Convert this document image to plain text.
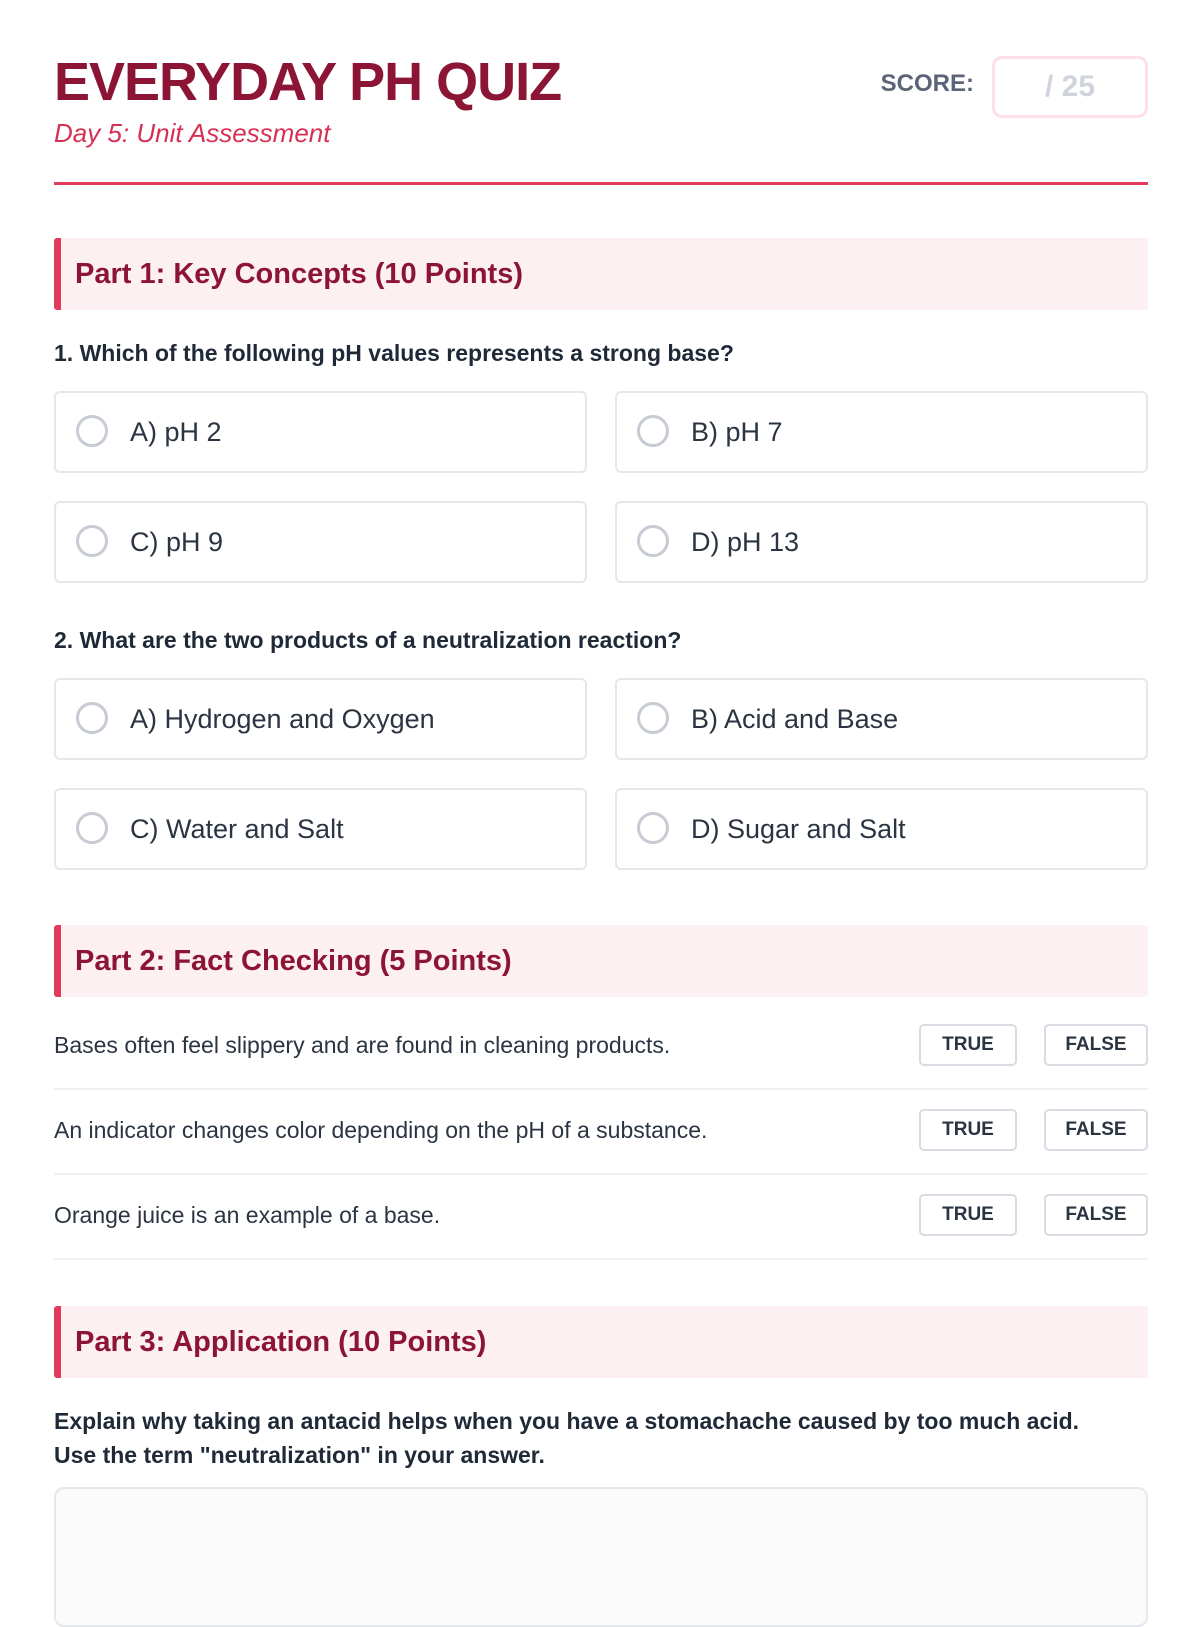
EVERYDAY PH QUIZ
Day 5: Unit Assessment
SCORE:	/ 25
Part 1: Key Concepts (10 Points)
1. Which of the following pH values represents a strong base?
A) pH 2	B) pH 7
C) pH 9	D) pH 13
2. What are the two products of a neutralization reaction?
A) Hydrogen and Oxygen	B) Acid and Base
C) Water and Salt	D) Sugar and Salt
Part 2: Fact Checking (5 Points)
Bases often feel slippery and are found in cleaning products.	TRUE	FALSE
An indicator changes color depending on the pH of a substance.	TRUE	FALSE
Orange juice is an example of a base.	TRUE	FALSE
Part 3: Application (10 Points)
Explain why taking an antacid helps when you have a stomachache caused by too much acid.
Use the term "neutralization" in your answer.
